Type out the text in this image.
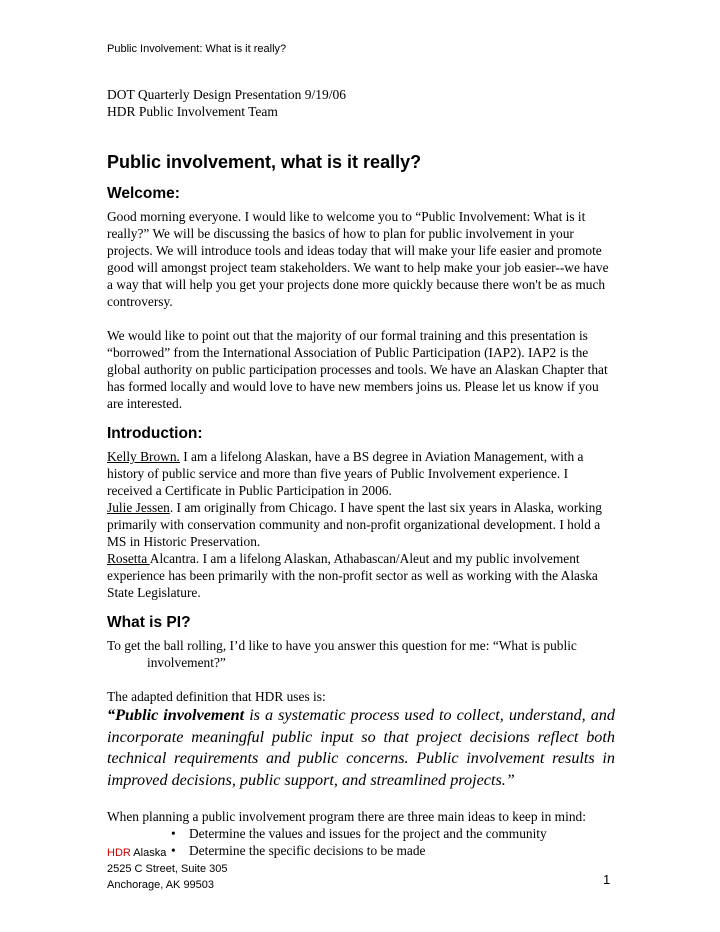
Public Involvement: What is it really?
DOT Quarterly Design Presentation 9/19/06
HDR Public Involvement Team
Public involvement, what is it really?
Welcome:

Good morning everyone. I would like to welcome you to “Public Involvement: What is it really?” We will be discussing the basics of how to plan for public involvement in your projects. We will introduce tools and ideas today that will make your life easier and promote good will amongst project team stakeholders. We want to help make your job easier--we have a way that will help you get your projects done more quickly because there won't be as much controversy.

We would like to point out that the majority of our formal training and this presentation is “borrowed” from the International Association of Public Participation (IAP2). IAP2 is the global authority on public participation processes and tools. We have an Alaskan Chapter that has formed locally and would love to have new members joins us. Please let us know if you are interested.

Introduction:

Kelly Brown. I am a lifelong Alaskan, have a BS degree in Aviation Management, with a history of public service and more than five years of Public Involvement experience. I received a Certificate in Public Participation in 2006.

Julie Jessen. I am originally from Chicago. I have spent the last six years in Alaska, working primarily with conservation community and non-profit organizational development. I hold a MS in Historic Preservation.

Rosetta Alcantra. I am a lifelong Alaskan, Athabascan/Aleut and my public involvement experience has been primarily with the non-profit sector as well as working with the Alaska State Legislature.

What is PI?

To get the ball rolling, I’d like to have you answer this question for me: “What is public involvement?”

The adapted definition that HDR uses is:

“Public involvement is a systematic process used to collect, understand, and incorporate meaningful public input so that project decisions reflect both technical requirements and public concerns. Public involvement results in improved decisions, public support, and streamlined projects.”

When planning a public involvement program there are three main ideas to keep in mind:

• Determine the values and issues for the project and the community
• Determine the specific decisions to be made
HDR Alaska
2525 C Street, Suite 305
Anchorage, AK 99503	1
